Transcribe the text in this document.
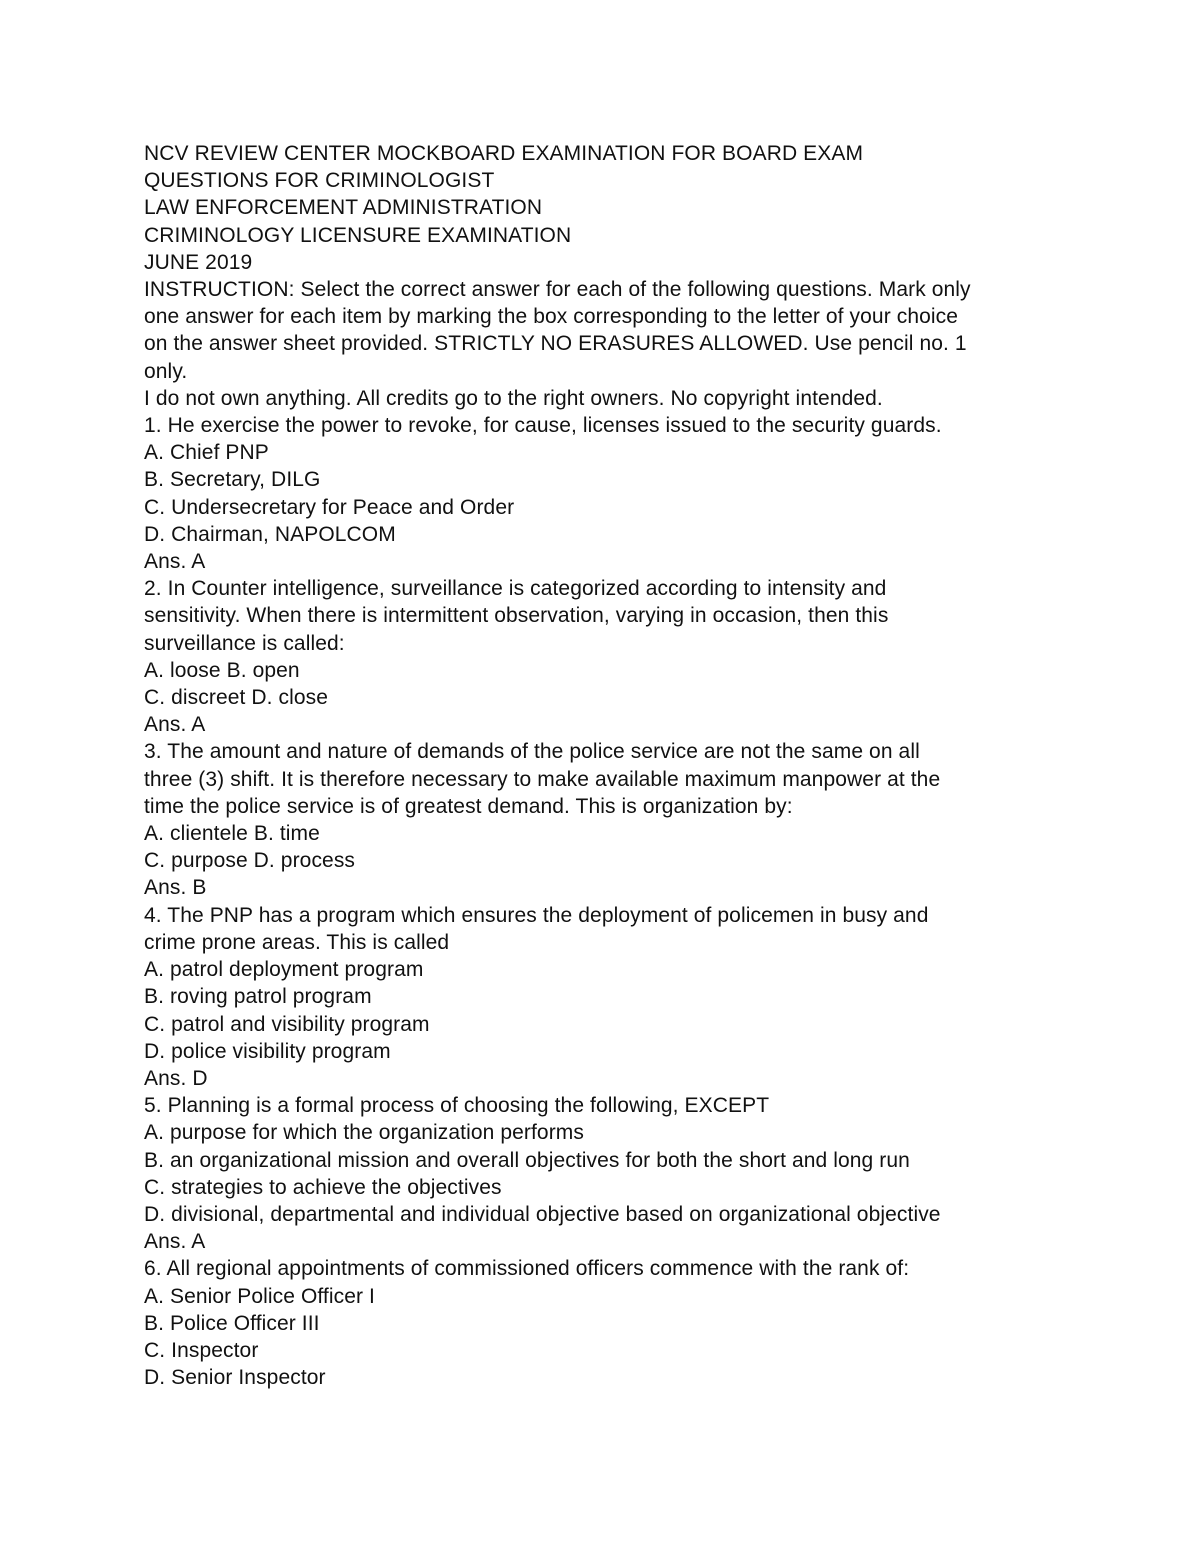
NCV REVIEW CENTER MOCKBOARD EXAMINATION FOR BOARD EXAM
QUESTIONS FOR CRIMINOLOGIST
LAW ENFORCEMENT ADMINISTRATION
CRIMINOLOGY LICENSURE EXAMINATION
JUNE 2019
INSTRUCTION: Select the correct answer for each of the following questions. Mark only
one answer for each item by marking the box corresponding to the letter of your choice
on the answer sheet provided. STRICTLY NO ERASURES ALLOWED. Use pencil no. 1
only.
I do not own anything. All credits go to the right owners. No copyright intended.
1. He exercise the power to revoke, for cause, licenses issued to the security guards.
A. Chief PNP
B. Secretary, DILG
C. Undersecretary for Peace and Order
D. Chairman, NAPOLCOM
Ans. A
2. In Counter intelligence, surveillance is categorized according to intensity and
sensitivity. When there is intermittent observation, varying in occasion, then this
surveillance is called:
A. loose B. open
C. discreet D. close
Ans. A
3. The amount and nature of demands of the police service are not the same on all
three (3) shift. It is therefore necessary to make available maximum manpower at the
time the police service is of greatest demand. This is organization by:
A. clientele B. time
C. purpose D. process
Ans. B
4. The PNP has a program which ensures the deployment of policemen in busy and
crime prone areas. This is called
A. patrol deployment program
B. roving patrol program
C. patrol and visibility program
D. police visibility program
Ans. D
5. Planning is a formal process of choosing the following, EXCEPT
A. purpose for which the organization performs
B. an organizational mission and overall objectives for both the short and long run
C. strategies to achieve the objectives
D. divisional, departmental and individual objective based on organizational objective
Ans. A
6. All regional appointments of commissioned officers commence with the rank of:
A. Senior Police Officer I
B. Police Officer III
C. Inspector
D. Senior Inspector
